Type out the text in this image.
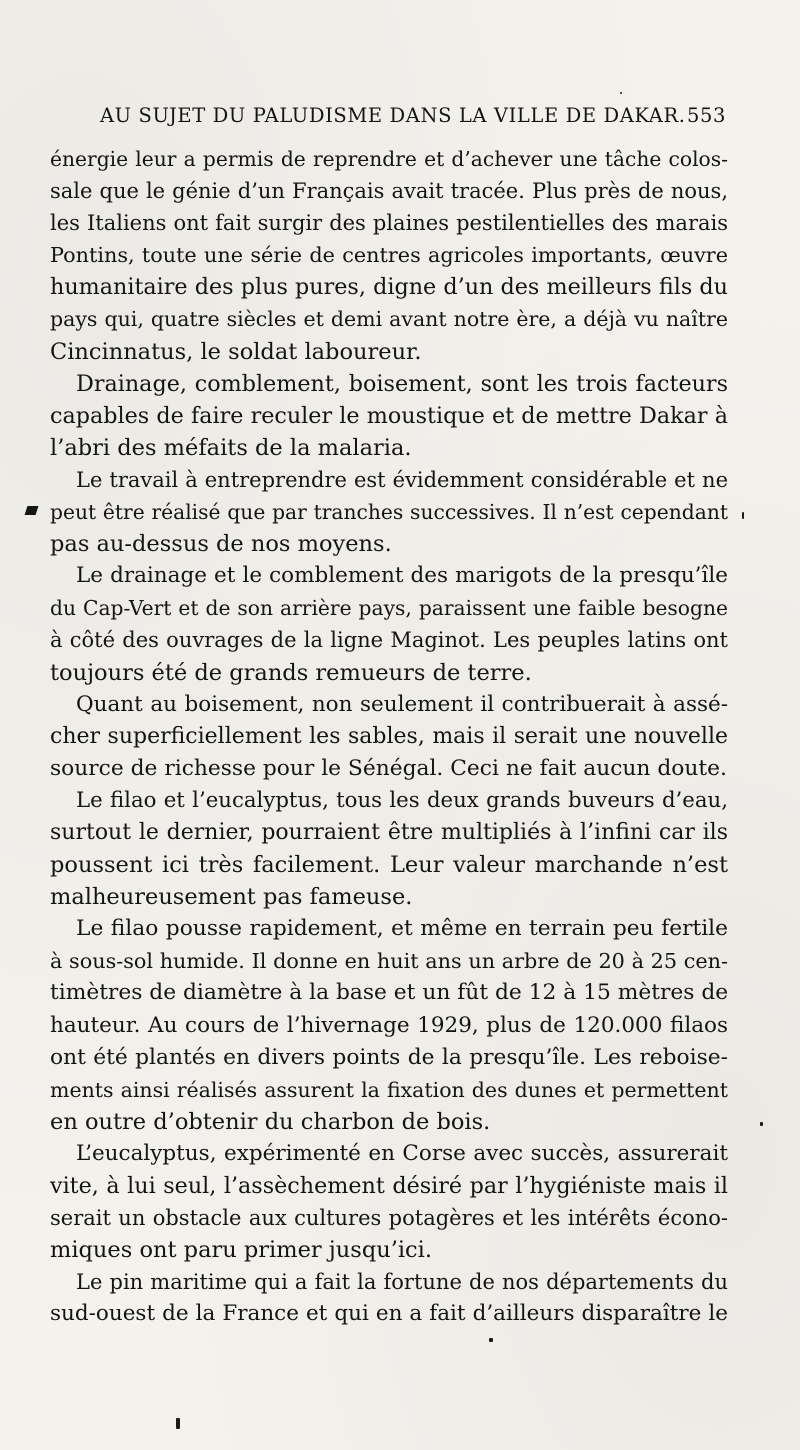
AU SUJET DU PALUDISME DANS LA VILLE DE DAKAR. 553
énergie leur a permis de reprendre et d’achever une tâche colos-
sale que le génie d’un Français avait tracée. Plus près de nous,
les Italiens ont fait surgir des plaines pestilentielles des marais
Pontins, toute une série de centres agricoles importants, œuvre
humanitaire des plus pures, digne d’un des meilleurs fils du
pays qui, quatre siècles et demi avant notre ère, a déjà vu naître
Cincinnatus, le soldat laboureur.
Drainage, comblement, boisement, sont les trois facteurs
capables de faire reculer le moustique et de mettre Dakar à
l’abri des méfaits de la malaria.
Le travail à entreprendre est évidemment considérable et ne
peut être réalisé que par tranches successives. Il n’est cependant
pas au-dessus de nos moyens.
Le drainage et le comblement des marigots de la presqu’île
du Cap-Vert et de son arrière pays, paraissent une faible besogne
à côté des ouvrages de la ligne Maginot. Les peuples latins ont
toujours été de grands remueurs de terre.
Quant au boisement, non seulement il contribuerait à assé-
cher superficiellement les sables, mais il serait une nouvelle
source de richesse pour le Sénégal. Ceci ne fait aucun doute.
Le filao et l’eucalyptus, tous les deux grands buveurs d’eau,
surtout le dernier, pourraient être multipliés à l’infini car ils
poussent ici très facilement. Leur valeur marchande n’est
malheureusement pas fameuse.
Le filao pousse rapidement, et même en terrain peu fertile
à sous-sol humide. Il donne en huit ans un arbre de 20 à 25 cen-
timètres de diamètre à la base et un fût de 12 à 15 mètres de
hauteur. Au cours de l’hivernage 1929, plus de 120.000 filaos
ont été plantés en divers points de la presqu’île. Les reboise-
ments ainsi réalisés assurent la fixation des dunes et permettent
en outre d’obtenir du charbon de bois.
L’eucalyptus, expérimenté en Corse avec succès, assurerait
vite, à lui seul, l’assèchement désiré par l’hygiéniste mais il
serait un obstacle aux cultures potagères et les intérêts écono-
miques ont paru primer jusqu’ici.
Le pin maritime qui a fait la fortune de nos départements du
sud-ouest de la France et qui en a fait d’ailleurs disparaître le
